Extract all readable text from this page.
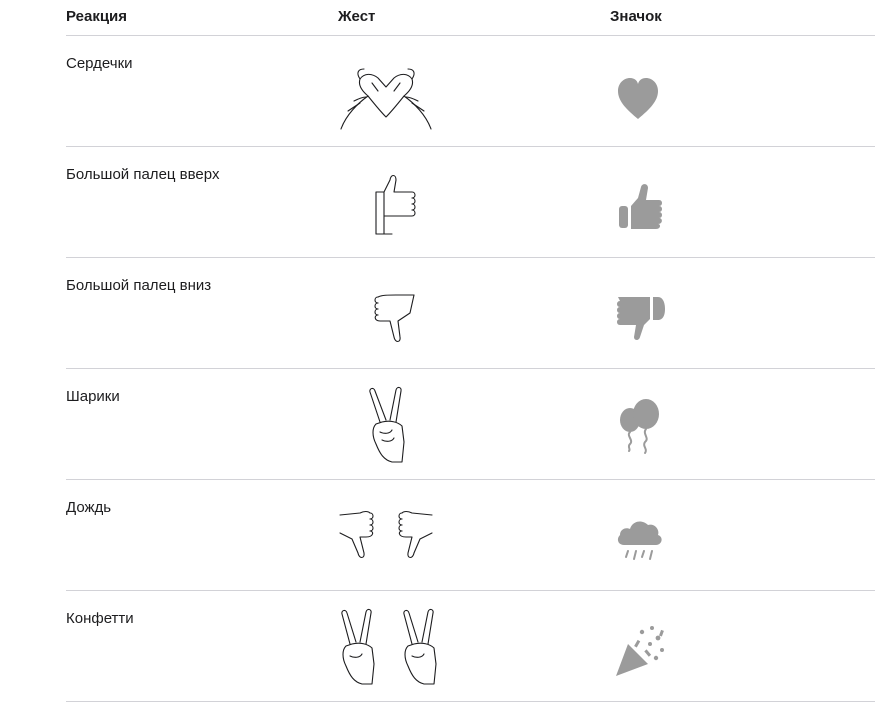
Реакция	Жест	Значок
Сердечки
Большой палец вверх
Большой палец вниз
Шарики
Дождь
Конфетти
